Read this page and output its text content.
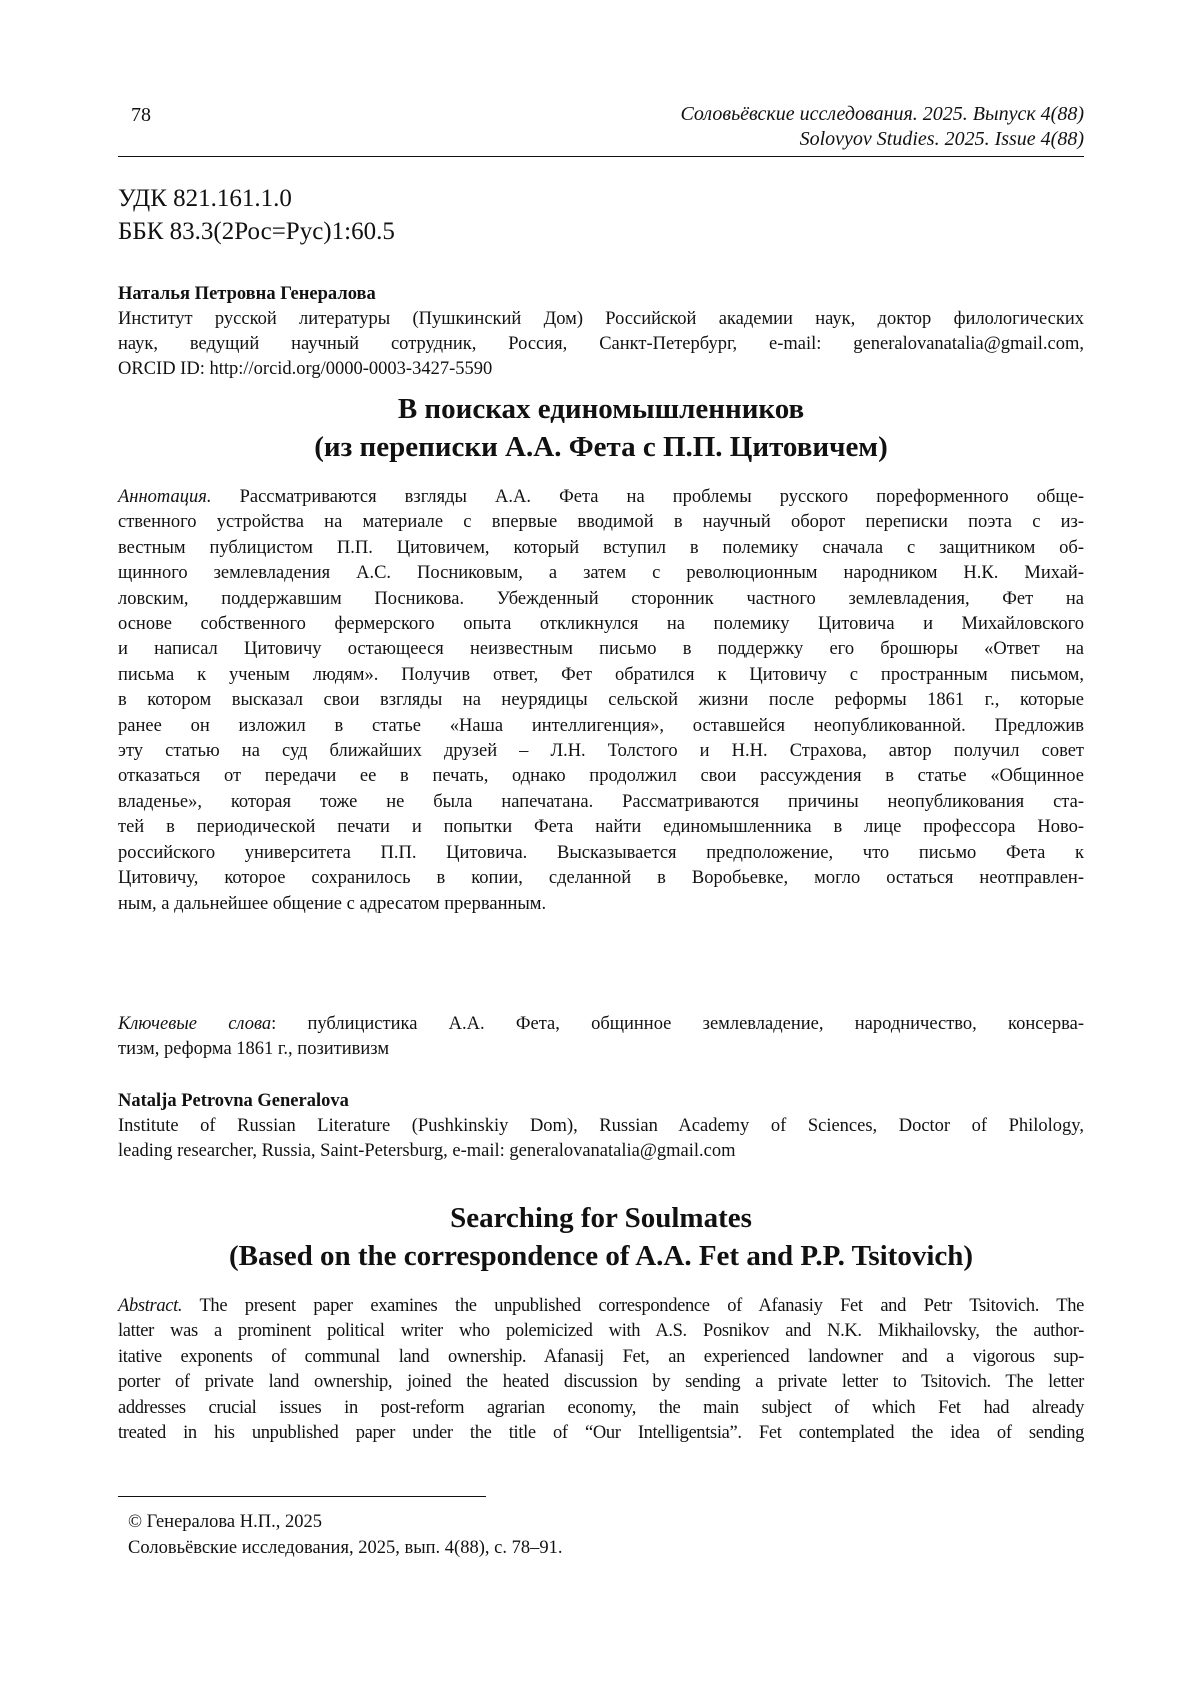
78	Соловьёвские исследования. 2025. Выпуск 4(88)
Solovyov Studies. 2025. Issue 4(88)
УДК 821.161.1.0
ББК 83.3(2Рос=Рус)1:60.5
Наталья Петровна Генералова
Институт русской литературы (Пушкинский Дом) Российской академии наук, доктор филологических
наук, ведущий научный сотрудник, Россия, Санкт-Петербург, e-mail: generalovanatalia@gmail.com,
ORCID ID: http://orcid.org/0000-0003-3427-5590
В поисках единомышленников
(из переписки А.А. Фета с П.П. Цитовичем)
Аннотация. Рассматриваются взгляды А.А. Фета на проблемы русского пореформенного обще-
ственного устройства на материале с впервые вводимой в научный оборот переписки поэта с из-
вестным публицистом П.П. Цитовичем, который вступил в полемику сначала с защитником об-
щинного землевладения А.С. Посниковым, а затем с революционным народником Н.К. Михай-
ловским, поддержавшим Посникова. Убежденный сторонник частного землевладения, Фет на
основе собственного фермерского опыта откликнулся на полемику Цитовича и Михайловского
и написал Цитовичу остающееся неизвестным письмо в поддержку его брошюры «Ответ на
письма к ученым людям». Получив ответ, Фет обратился к Цитовичу с пространным письмом,
в котором высказал свои взгляды на неурядицы сельской жизни после реформы 1861 г., которые
ранее он изложил в статье «Наша интеллигенция», оставшейся неопубликованной. Предложив
эту статью на суд ближайших друзей – Л.Н. Толстого и Н.Н. Страхова, автор получил совет
отказаться от передачи ее в печать, однако продолжил свои рассуждения в статье «Общинное
владенье», которая тоже не была напечатана. Рассматриваются причины неопубликования ста-
тей в периодической печати и попытки Фета найти единомышленника в лице профессора Ново-
российского университета П.П. Цитовича. Высказывается предположение, что письмо Фета к
Цитовичу, которое сохранилось в копии, сделанной в Воробьевке, могло остаться неотправлен-
ным, а дальнейшее общение с адресатом прерванным.
Ключевые слова: публицистика А.А. Фета, общинное землевладение, народничество, консерва-
тизм, реформа 1861 г., позитивизм
Natalja Petrovna Generalova
Institute of Russian Literature (Pushkinskiy Dom), Russian Academy of Sciences, Doctor of Philology,
leading researcher, Russia, Saint-Petersburg, e-mail: generalovanatalia@gmail.com
Searching for Soulmates
(Based on the correspondence of A.A. Fet and P.P. Tsitovich)
Abstract. The present paper examines the unpublished correspondence of Afanasiy Fet and Petr Tsitovich. The
latter was a prominent political writer who polemicized with A.S. Posnikov and N.K. Mikhailovsky, the author-
itative exponents of communal land ownership. Afanasij Fet, an experienced landowner and a vigorous sup-
porter of private land ownership, joined the heated discussion by sending a private letter to Tsitovich. The letter
addresses crucial issues in post-reform agrarian economy, the main subject of which Fet had already
treated in his unpublished paper under the title of “Our Intelligentsia”. Fet contemplated the idea of sending
© Генералова Н.П., 2025
Соловьёвские исследования, 2025, вып. 4(88), с. 78–91.
